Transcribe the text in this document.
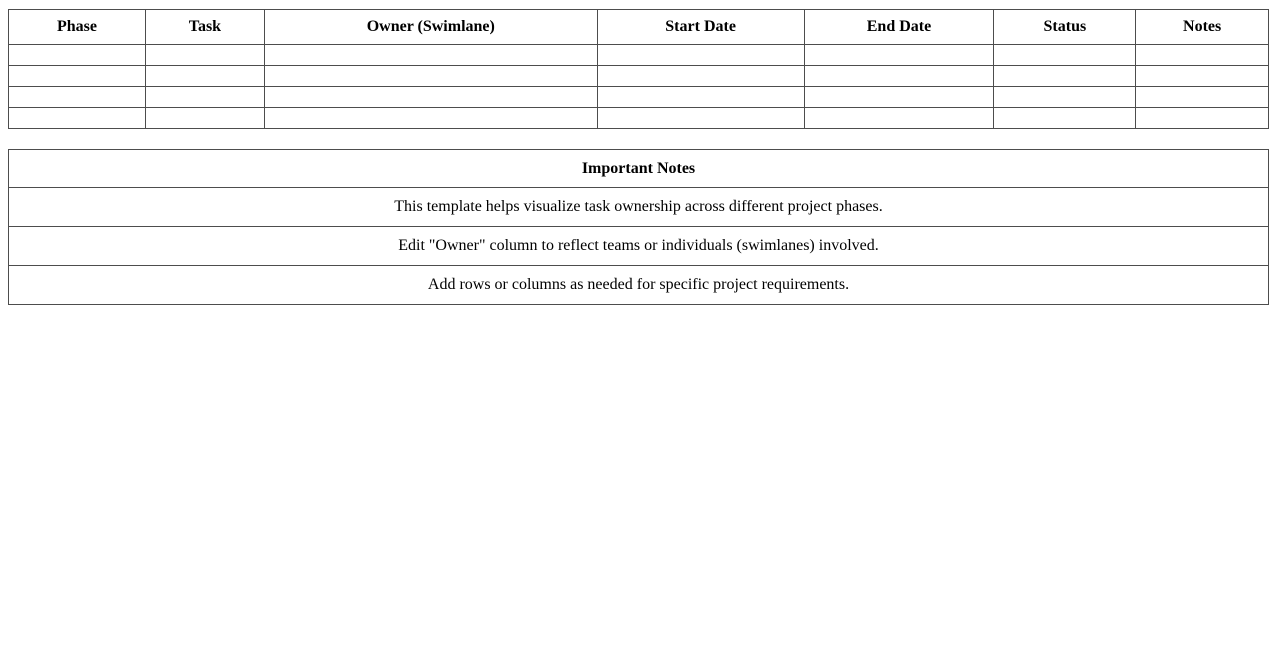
Phase	Task	Owner (Swimlane)	Start Date	End Date	Status	Notes

Important Notes
This template helps visualize task ownership across different project phases.
Edit "Owner" column to reflect teams or individuals (swimlanes) involved.
Add rows or columns as needed for specific project requirements.
